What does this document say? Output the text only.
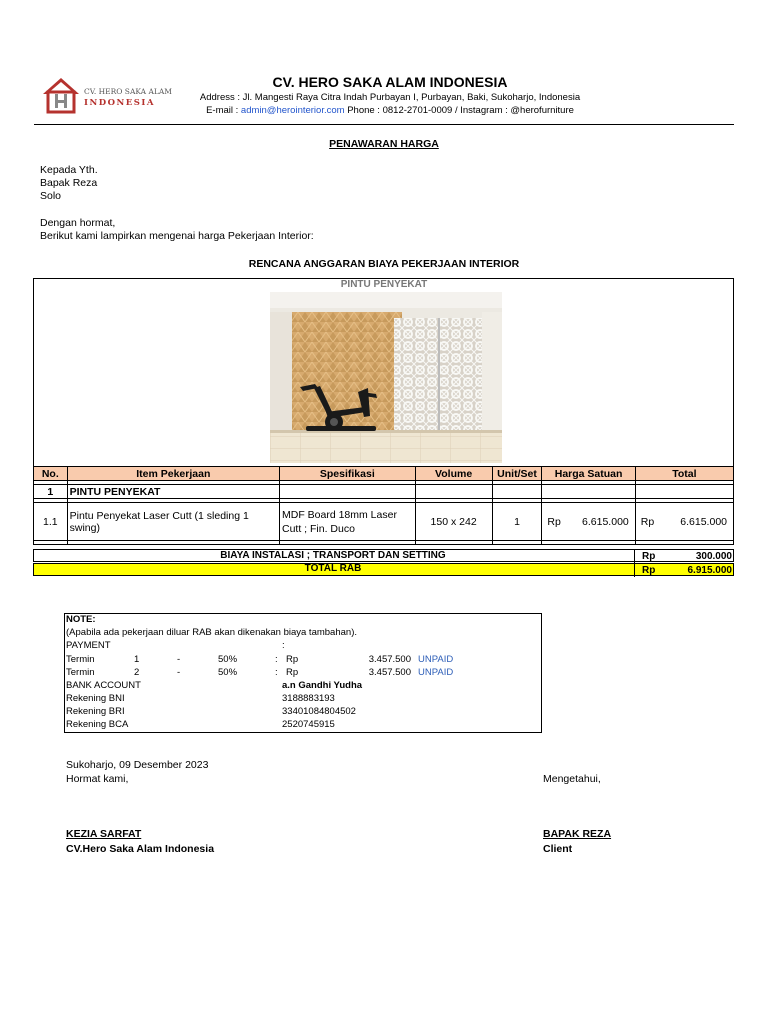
CV. HERO SAKA ALAM
INDONESIA
CV. HERO SAKA ALAM INDONESIA
Address : Jl. Mangesti Raya Citra Indah Purbayan I, Purbayan, Baki, Sukoharjo, Indonesia
E-mail : admin@herointerior.com Phone : 0812-2701-0009 / Instagram : @herofurniture
PENAWARAN HARGA
Kepada Yth.
Bapak Reza
Solo
Dengan hormat,
Berikut kami lampirkan mengenai harga Pekerjaan Interior:
RENCANA ANGGARAN BIAYA PEKERJAAN INTERIOR
PINTU PENYEKAT
No.	Item Pekerjaan	Spesifikasi	Volume	Unit/Set	Harga Satuan	Total

1	PINTU PENYEKAT					

1.1	Pintu Penyekat Laser Cutt (1 sleding 1 swing)	MDF Board 18mm Laser Cutt ; Fin. Duco	150 x 242	1	Rp 6.615.000	Rp 6.615.000

BIAYA INSTALASI ; TRANSPORT DAN SETTING	Rp	300.000
TOTAL RAB	Rp	6.915.000
NOTE:
(Apabila ada pekerjaan diluar RAB akan dikenakan biaya tambahan).
PAYMENT	:
Termin	1	-	50%	: Rp	3.457.500 UNPAID
Termin	2	-	50%	: Rp	3.457.500 UNPAID
BANK ACCOUNT	a.n Gandhi Yudha
Rekening BNI	3188883193
Rekening BRI	33401084804502
Rekening BCA	2520745915
Sukoharjo, 09 Desember 2023
Hormat kami,	Mengetahui,
KEZIA SARFAT
CV.Hero Saka Alam Indonesia
BAPAK REZA
Client
